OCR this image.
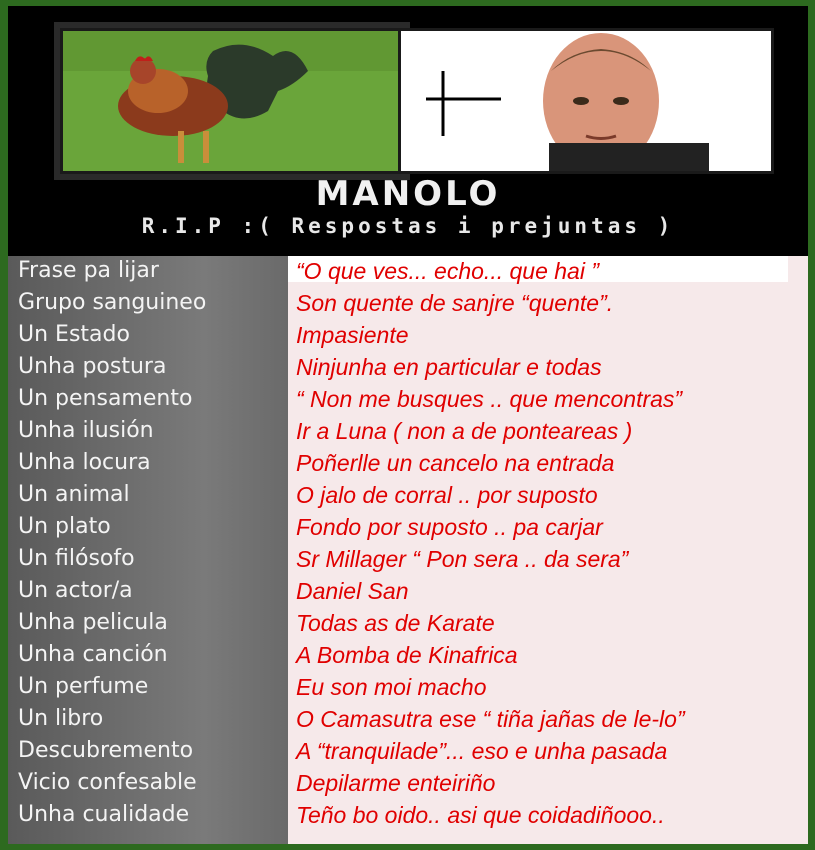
MANOLO
R.I.P :( Respostas i prejuntas )
Frase pa lijar	“O que ves... echo... que hai ”
Grupo sanguineo	Son quente de sanjre “quente”.
Un Estado	Impasiente
Unha postura	Ninjunha en particular e todas
Un pensamento	“ Non me busques .. que mencontras”
Unha ilusión	Ir a Luna ( non a de ponteareas )
Unha locura	Poñerlle un cancelo na entrada
Un animal	O jalo de corral .. por suposto
Un plato	Fondo por suposto .. pa carjar
Un filósofo	Sr Millager “ Pon sera .. da sera”
Un actor/a	Daniel San
Unha pelicula	Todas as de Karate
Unha canción	A Bomba de Kinafrica
Un perfume	Eu son moi macho
Un libro	O Camasutra ese “ tiña jañas de le-lo”
Descubremento	A “tranquilade”... eso e unha pasada
Vicio confesable	Depilarme enteiriño
Unha cualidade	Teño bo oido.. asi que coidadiñooo..
